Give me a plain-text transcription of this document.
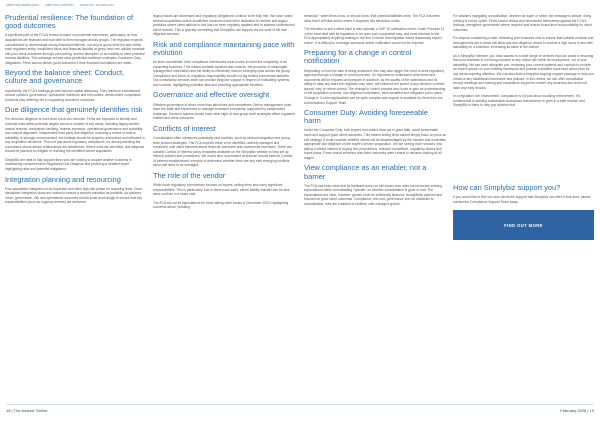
SIMPLYBIZ MORTGAGES SIMPLYBIZ SUPPORT FINANCIAL TECHNOLOGY
Prudential resilience: The foundation of good outcomes

A significant part of the FCA's review focused on prudential soundness, particularly on how acquisitions are financed and how debt is then managed across groups. The regulator expects consolidators to demonstrate strong financial resilience, not only at group level but also within each regulated entity. Insufficient focus and financial liquidity at group level can quickly translate into poor client outcomes through cost-cutting, service disruption or an inability to meet potential redress liabilities. This message echoes clear prudential resilience underpins Consumer Duty obligations. Firms cannot deliver good outcomes if their financial foundations are weak.

Beyond the balance sheet: Conduct, culture and governance

Importantly, the FCA's findings go well beyond capital adequacy. They reinforce expectations around conduct, governance, operational resilience and firm culture, areas where compliance functions play defining role in supporting consumer outcomes.

Due diligence that genuinely identifies risk

Pre-deal due diligence is more than a tick-box exercise. Firms are expected to identify and evaluate risks within potential targets across a number of key areas, including legacy advice, annual reviews, complaints handling, redress exposure, operational governance and suitability and cultural alignment. Independent third-party due diligence, including a review of advice suitability, is strongly recommended, but findings should be properly understood and reflected in any acquisition decisions. This isn't just about regulatory compliance; it's about protecting the consumers whose advice relationships are transferred. Where risks are identified, due diligence should be planned to mitigate of resulting the identified before acquisition.

SimplyBiz are able to fully support firms who are looking to acquire another business in undertaking comprehensive Regulatory Due Diligence and providing a detailed report highlighting risks and potential mitigations.

Integration planning and resourcing

Post-acquisition integration is an important and often high-risk phase for acquiring firms. Clear, disciplined integration plans are crucial to ensure a smooth transition as possible. As advisers move, governance, risk and operational resources should scale accordingly to ensure that key responsibilities (such as ongoing reviews) are delivered.

legacy issues are addressed and regulatory obligations continue to be fully met. We have noted several acquisitions where insufficient resources have been dedicated to reviews and legacy portfolios where client attitude to risk has not been regularly updated and to address underserved client reviews. This is typically something that SimplyBiz can support via our suite of file due diligence services.

Risk and compliance maintaining pace with evolution

As firms consolidate, their compliance frameworks must evolve to meet the complexity of an expanding business. This means scalable systems and controls, the provision of meaningful management information and the ability to effectively monitor emerging risks across the group. Compliance and focus on regulatory responsibility should not lag behind commercial ambition. Our consultancy services team can provide bespoke support in respect of evaluating systems and controls, highlighting potential risks and providing appropriate solutions.

Governance and effective oversight

Effective governance is about more than structures and committees. Senior management must have the skills and experience to manage increased complexity, supported by independent challenge. Decision-makers should have clear sight of how group-level strategies affect regulated entities and client outcomes.

Conflicts of interest

Consolidation often introduces potentially new conflicts, such as vertical integration and group-wide product strategies. The FCA expects these to be identified, actively managed and monitored, with client interests above financial incentives and commercial incentives. There are suitable Conflict of Interest policy templates available on the SimplyBiz website to help set up internal policies and procedures. We would also recommend at least an annual internal 'Conflict of Interest establishment' exercise to determine whether there are any new emerging conflicts which will need to be managed.

The role of the vendor

While much regulatory commentary focuses on buyers, selling firms also carry significant responsibilities. This is particularly true in client bank sales, where liability transfer can be less clear-cut than in a share sale.

The FCA set out its expectations for firms selling client banks in December 2023, highlighting concerns about "polluting

behaviour" when firms know, or should know, that potential liabilities exist. The FCA has been clear that it will take action where it suspects this behaviour exists.

The intention to sell a client bank is also typically a SUP 15 notification event. Under Principle 11 'a firm must deal with its regulators in an open and cooperative way, and must disclose to the FCA appropriately anything relating to the firm of which that regulator would reasonably expect notice'. It is difficult to envisage scenarios where notification would not be required.

Preparing for a change in control notification

Depending on how the sale is being structured, this may also trigger the need to seek regulatory approval through a change in control process. It's important to understand what forms and documents will be required and prepare in advance, as the quality of the submission and its ability to allay any fears the regulator may have, will influence the speed of any decision to either accept, vary or refuse control. The change in control process also looks to gain an understanding of the acquisition process, due diligence undertaken, risks identified and mitigation put in place. Change in Control applications can be quite complex and support is available for firms from our Authorisations Support Team.

Consumer Duty: Avoiding foreseeable harm

Under the Consumer Duty, both buyers and sellers must act in good faith, avoid foreseeable harm and support good client outcomes. This means selling firms cannot simply focus on price as exit strategy. It must consider whether clients will be disadvantaged by the transfer and undertake appropriate due diligence on the buyer's service proposition. We are seeing more vendors now taking a vested interest in buying firm propositions, relevant competitive, regulatory history and future plans. Firms should evidence that client outcomes were central to decision-making at all stages.

View compliance as an enabler, not a barrier

The FCA has been clear that its feedback does not still issues new rules but reinforces existing expectations within consolidating "operate" on whether consolidation is good or bad. The expectations are clear, however: growth must be sufficiently financed, thoughtfully planned and focused on good client outcomes. Compliance, this end, governance are not obstacles to consolidation; they are enablers of resilient, well-managed growth.

For advisers navigating consolidation, whether as buyer or seller, the message is simple: doing nothing is not an option. Firms should review and benchmark themselves against the FCA's findings, strengthen governance where required and ensure board-level accountability for client outcomes.

For anyone considering a sale, reviewing your business now to ensure that suitable controls and arrangements are in place will allow any due diligence review to receive a high focus in and with saleability for a business, increasing its value in the market.

As a SimplyBiz member, you have access to a wide range of services that can assist in ensuring that your business is not being exposed to any undue risk within its employment, out of your saleability. We can work alongside you, reviewing your current systems and controls to provide an expert opinion on your existing framework and provide a detailed report and action plan for any areas requiring attention. We can also build a bespoke ongoing support package to help you enhance any established framework and policies. In this review, we can offer consultation around meetings and training and compliance support to ensure any business also does not raise any early shocks.

In a regulation rich environment, compliance is not just about avoiding enforcement. It's fundamental to building sustainable businesses that deserve to grow in a safe manner and SimplyBiz is there to help you achieve that.

How can Simplybiz support you?

If you would like to find out more about the support that Simplybiz can offer in this area, please contact the Compliance Support Team today.

FIND OUT MORE
18 | The Adviser Online	February 2026 | 19
